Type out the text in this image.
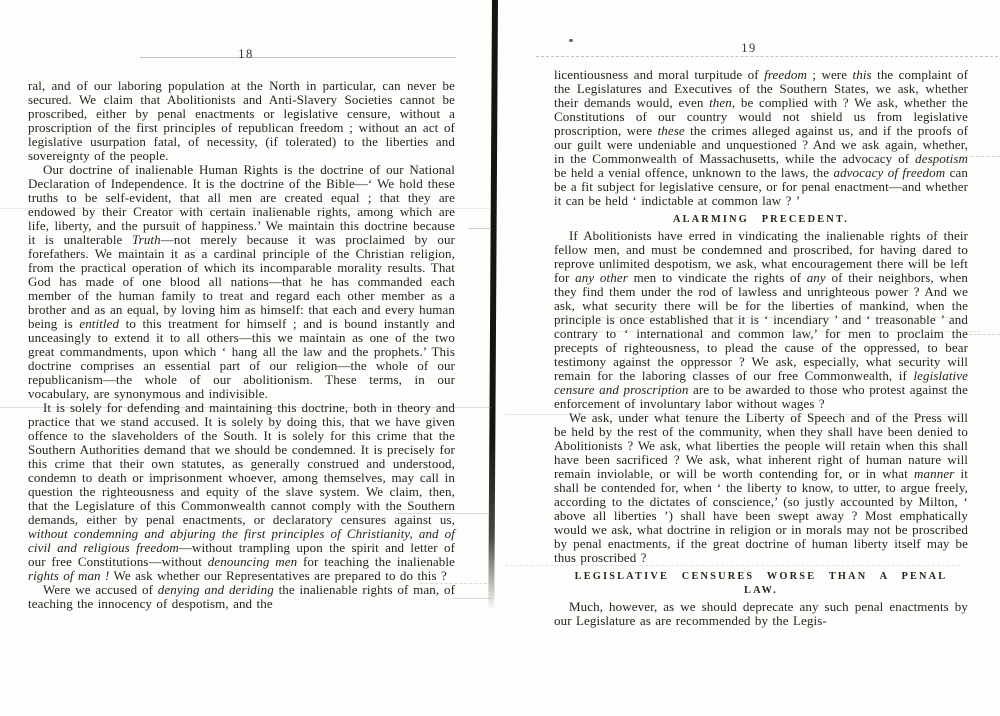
18

ral, and of our laboring population at the North in particular, can never be secured. We claim that Abolitionists and Anti-Slavery Societies cannot be proscribed, either by penal enactments or legislative censure, without a proscription of the first principles of republican freedom ; without an act of legislative usurpation fatal, of necessity, (if tolerated) to the liberties and sovereignty of the people.

Our doctrine of inalienable Human Rights is the doctrine of our National Declaration of Independence. It is the doctrine of the Bible—‘ We hold these truths to be self-evident, that all men are created equal ; that they are endowed by their Creator with certain inalienable rights, among which are life, liberty, and the pursuit of happiness.’ We maintain this doctrine because it is unalterable Truth—not merely because it was proclaimed by our forefathers. We maintain it as a cardinal principle of the Christian religion, from the practical operation of which its incomparable morality results. That God has made of one blood all nations—that he has commanded each member of the human family to treat and regard each other member as a brother and as an equal, by loving him as himself: that each and every human being is entitled to this treatment for himself ; and is bound instantly and unceasingly to extend it to all others—this we maintain as one of the two great commandments, upon which ‘ hang all the law and the prophets.’ This doctrine comprises an essential part of our religion—the whole of our republicanism—the whole of our abolitionism. These terms, in our vocabulary, are synonymous and indivisible.

It is solely for defending and maintaining this doctrine, both in theory and practice that we stand accused. It is solely by doing this, that we have given offence to the slaveholders of the South. It is solely for this crime that the Southern Authorities demand that we should be condemned. It is precisely for this crime that their own statutes, as generally construed and understood, condemn to death or imprisonment whoever, among themselves, may call in question the righteousness and equity of the slave system. We claim, then, that the Legislature of this Commonwealth cannot comply with the Southern demands, either by penal enactments, or declaratory censures against us, without condemning and abjuring the first principles of Christianity, and of civil and religious freedom—without trampling upon the spirit and letter of our free Constitutions—without denouncing men for teaching the inalienable rights of man ! We ask whether our Representatives are prepared to do this ?

Were we accused of denying and deriding the inalienable rights of man, of teaching the innocency of despotism, and the

19

licentiousness and moral turpitude of freedom ; were this the complaint of the Legislatures and Executives of the Southern States, we ask, whether their demands would, even then, be complied with ? We ask, whether the Constitutions of our country would not shield us from legislative proscription, were these the crimes alleged against us, and if the proofs of our guilt were undeniable and unquestioned ? And we ask again, whether, in the Commonwealth of Massachusetts, while the advocacy of despotism be held a venial offence, unknown to the laws, the advocacy of freedom can be a fit subject for legislative censure, or for penal enactment—and whether it can be held ‘ indictable at common law ? ’

ALARMING PRECEDENT.

If Abolitionists have erred in vindicating the inalienable rights of their fellow men, and must be condemned and proscribed, for having dared to reprove unlimited despotism, we ask, what encouragement there will be left for any other men to vindicate the rights of any of their neighbors, when they find them under the rod of lawless and unrighteous power ? And we ask, what security there will be for the liberties of mankind, when the principle is once established that it is ‘ incendiary ’ and ‘ treasonable ’ and contrary to ‘ international and common law,’ for men to proclaim the precepts of righteousness, to plead the cause of the oppressed, to bear testimony against the oppressor ? We ask, especially, what security will remain for the laboring classes of our free Commonwealth, if legislative censure and proscription are to be awarded to those who protest against the enforcement of involuntary labor without wages ?

We ask, under what tenure the Liberty of Speech and of the Press will be held by the rest of the community, when they shall have been denied to Abolitionists ? We ask, what liberties the people will retain when this shall have been sacrificed ? We ask, what inherent right of human nature will remain inviolable, or will be worth contending for, or in what manner it shall be contended for, when ‘ the liberty to know, to utter, to argue freely, according to the dictates of conscience,’ (so justly accounted by Milton, ‘ above all liberties ’) shall have been swept away ? Most emphatically would we ask, what doctrine in religion or in morals may not be proscribed by penal enactments, if the great doctrine of human liberty itself may be thus proscribed ?

LEGISLATIVE CENSURES WORSE THAN A PENAL LAW.

Much, however, as we should deprecate any such penal enactments by our Legislature as are recommended by the Legis-
